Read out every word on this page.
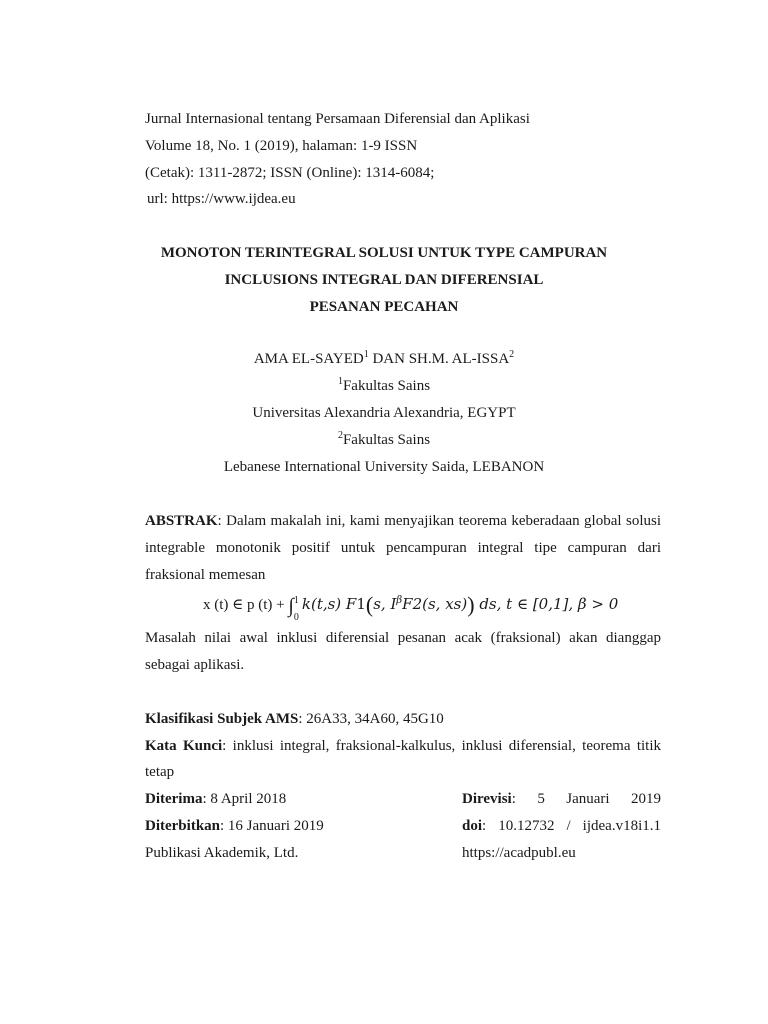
Jurnal Internasional tentang Persamaan Diferensial dan Aplikasi
Volume 18, No. 1 (2019), halaman: 1-9 ISSN
(Cetak): 1311-2872; ISSN (Online): 1314-6084;
url: https://www.ijdea.eu
MONOTON TERINTEGRAL SOLUSI UNTUK TYPE CAMPURAN
INCLUSIONS INTEGRAL DAN DIFERENSIAL
PESANAN PECAHAN
AMA EL-SAYED$^1$ DAN SH.M. AL-ISSA$^2$
$^1$Fakultas Sains
Universitas Alexandria Alexandria, EGYPT
$^2$Fakultas Sains
Lebanese International University Saida, LEBANON
ABSTRAK: Dalam makalah ini, kami menyajikan teorema keberadaan global solusi
integrable monotonik positif untuk pencampuran integral tipe campuran dari
fraksional memesan
x (t) ∈ p (t) + ∫ 1
0
k(t,s) F1(s, $I^\beta F2(s$, xs)) ds, t ∈ [0,1], β > 0
Masalah nilai awal inklusi diferensial pesanan acak (fraksional) akan dianggap
sebagai aplikasi.
Klasifikasi Subjek AMS: 26A33, 34A60, 45G10
Kata Kunci: inklusi integral, fraksional-kalkulus, inklusi diferensial, teorema titik
tetap
Diterima: 8 April 2018	Direvisi: 5 Januari 2019
Diterbitkan: 16 Januari 2019	doi: 10.12732 / ijdea.v18i1.1
Publikasi Akademik, Ltd.	https://acadpubl.eu
